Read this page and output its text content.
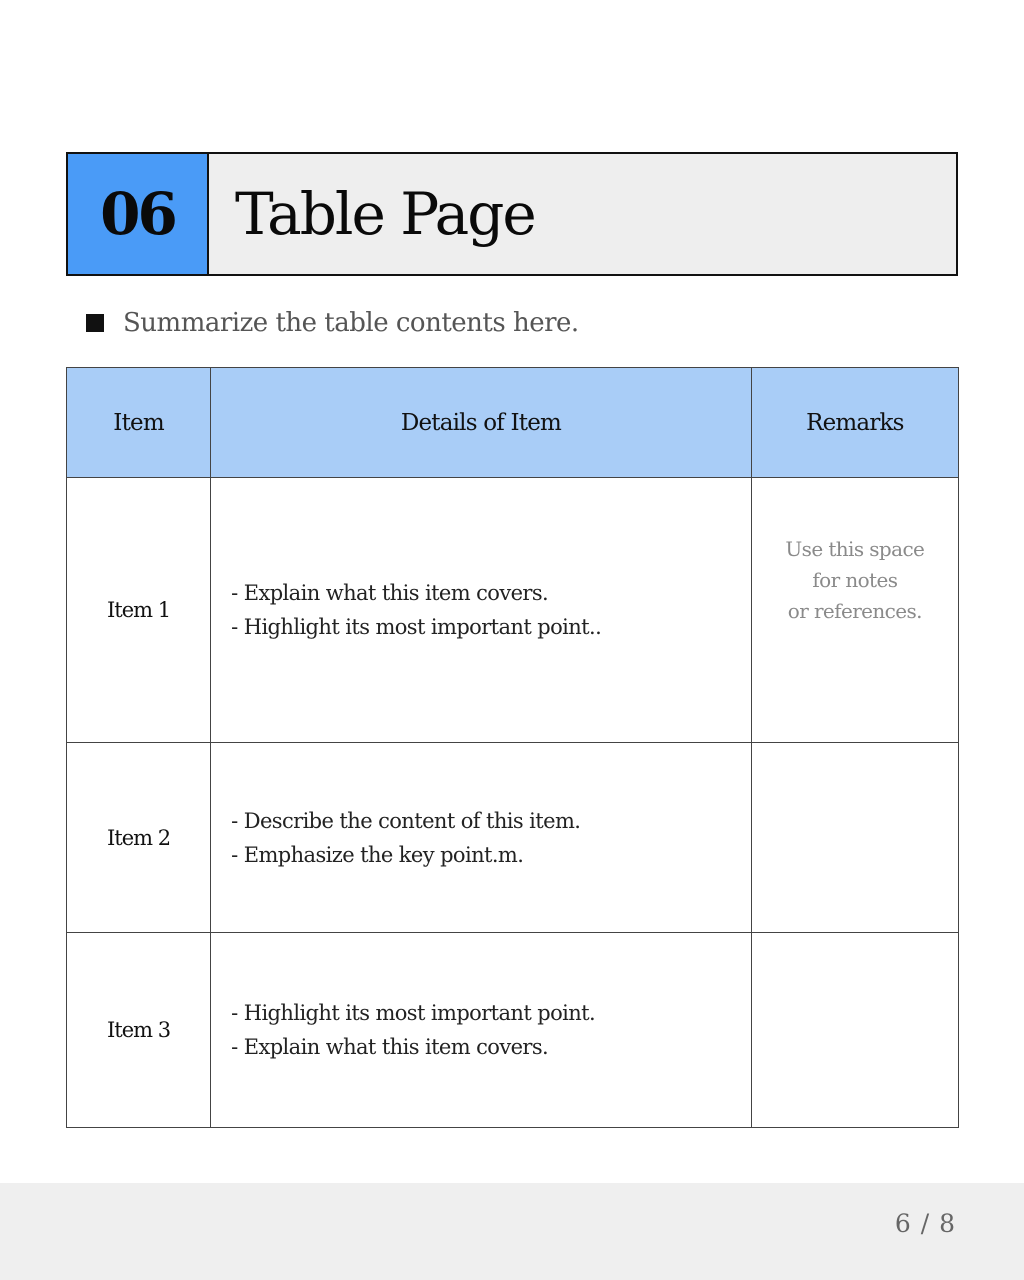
06	Table Page
Summarize the table contents here.
Item	Details of Item	Remarks
Item 1	- Explain what this item covers.
- Highlight its most important point..	Use this space
for notes
or references.

Item 2	- Describe the content of this item.
- Emphasize the key point.m.	

Item 3	- Highlight its most important point.
- Explain what this item covers.	

6 / 8
